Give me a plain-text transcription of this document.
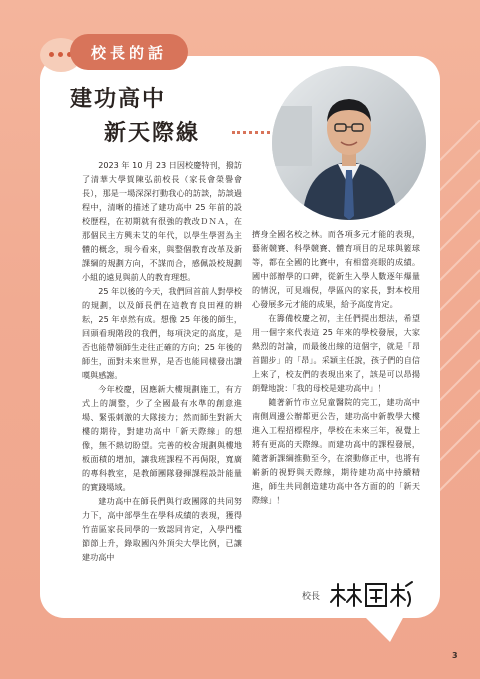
校長的話
建功高中
新天際線

2023 年 10 月 23 日因校慶特刊，撥訪了清華大學賀陳弘前校長（家長會榮譽會長），那是一場深深打動我心的訪談，訪談過程中，清晰的描述了建功高中 25 年前的設校歷程，在初期就有很強的教改ＤＮＡ，在那個民主方興未艾的年代，以學生學習為主體的概念，現今看來，與整個教育改革及新課綱的規劃方向，不謀而合，感佩設校規劃小組的遠見與前人的教育理想。

25 年以後的今天，我們回首前人對學校的規劃，以及師長們在這教育良田裡的耕耘，25 年卓然有成。想像 25 年後的師生，回頭看現階段的我們，每項決定的高度，是否也能帶領師生走往正確的方向；25 年後的師生，面對未來世界，是否也能同樣發出讚嘆與感謝。

今年校慶，因應新大樓規劃施工，有方式上的調整，少了全國最有水準的創意進場、緊張刺激的大隊接力；然而師生對新大樓的期待，對建功高中「新天際線」的想像，無不熱切盼望。完善的校舍規劃與樓地板面積的增加，讓我班課程不再侷限，寬廣的專科教室，是教師團隊發揮課程設計能量的實踐場域。

建功高中在師長們與行政團隊的共同努力下，高中部學生在學科成績的表現，獲得竹苗區家長同學的一致認同肯定，入學門檻節節上升，錄取國內外頂尖大學比例，已讓建功高中

擠身全國名校之林。而各項多元才能的表現，藝術競賽、科學競賽、體育項目的足球與籃球等，都在全國的比賽中，有相當亮眼的成績。國中部辦學的口碑，從新生入學人數逐年爆量的情況，可見端倪，學區內的家長，對本校用心發展多元才能的成果，給予高度肯定。

在籌備校慶之初，主任們提出想法，希望用一個字來代表這 25 年來的學校發展，大家熱烈的討論，而最後出線的這個字，就是「昂首闊步」的「昂」。采穎主任說，孩子們的自信上來了，校友們的表現出來了，該是可以昂揚朗聲地說：「我的母校是建功高中」！

隨著新竹市立兒童醫院的完工，建功高中南側周邊公辦都更公告，建功高中新教學大樓進入工程招標程序，學校在未來三年，視覺上將有更高的天際線。而建功高中的課程發展，隨著新課綱推動至今，在滾動修正中，也將有嶄新的視野與天際線，期待建功高中持續精進，師生共同創造建功高中各方面的的「新天際線」！

校長
3
